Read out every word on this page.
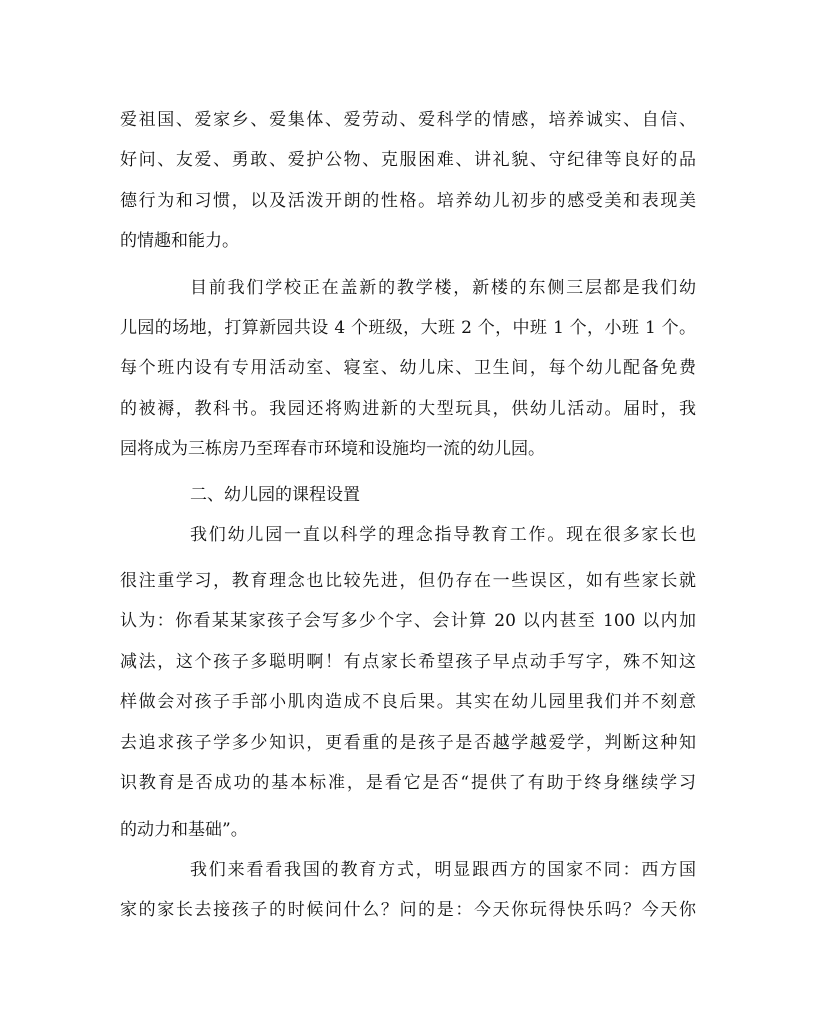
爱祖国、爱家乡、爱集体、爱劳动、爱科学的情感，培养诚实、自信、
好问、友爱、勇敢、爱护公物、克服困难、讲礼貌、守纪律等良好的品
德行为和习惯，以及活泼开朗的性格。培养幼儿初步的感受美和表现美
的情趣和能力。
目前我们学校正在盖新的教学楼，新楼的东侧三层都是我们幼
儿园的场地，打算新园共设 4 个班级，大班 2 个，中班 1 个，小班 1 个。
每个班内设有专用活动室、寝室、幼儿床、卫生间，每个幼儿配备免费
的被褥，教科书。我园还将购进新的大型玩具，供幼儿活动。届时，我
园将成为三栋房乃至珲春市环境和设施均一流的幼儿园。
二、幼儿园的课程设置
我们幼儿园一直以科学的理念指导教育工作。现在很多家长也
很注重学习，教育理念也比较先进，但仍存在一些误区，如有些家长就
认为：你看某某家孩子会写多少个字、会计算 20 以内甚至 100 以内加
减法，这个孩子多聪明啊！有点家长希望孩子早点动手写字，殊不知这
样做会对孩子手部小肌肉造成不良后果。其实在幼儿园里我们并不刻意
去追求孩子学多少知识，更看重的是孩子是否越学越爱学，判断这种知
识教育是否成功的基本标准，是看它是否“提供了有助于终身继续学习
的动力和基础”。
我们来看看我国的教育方式，明显跟西方的国家不同：西方国
家的家长去接孩子的时候问什么？问的是：今天你玩得快乐吗？今天你
